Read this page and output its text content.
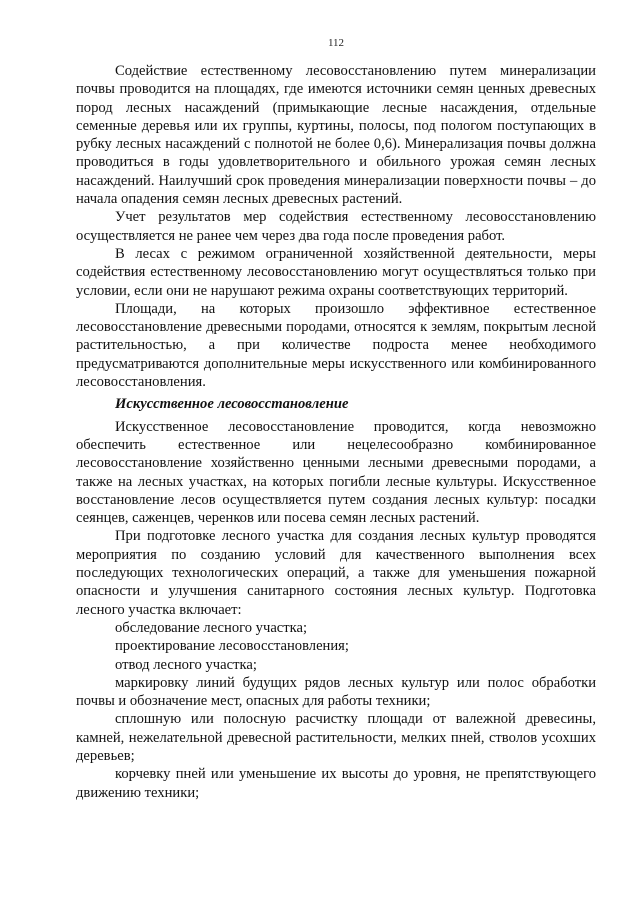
112

Содействие естественному лесовосстановлению путем минерализации почвы проводится на площадях, где имеются источники семян ценных древесных пород лесных насаждений (примыкающие лесные насаждения, отдельные семенные деревья или их группы, куртины, полосы, под пологом поступающих в рубку лесных насаждений с полнотой не более 0,6). Минерализация почвы должна проводиться в годы удовлетворительного и обильного урожая семян лесных насаждений. Наилучший срок проведения минерализации поверхности почвы – до начала опадения семян лесных древесных растений.

Учет результатов мер содействия естественному лесовосстановлению осуществляется не ранее чем через два года после проведения работ.

В лесах с режимом ограниченной хозяйственной деятельности, меры содействия естественному лесовосстановлению могут осуществляться только при условии, если они не нарушают режима охраны соответствующих территорий.

Площади, на которых произошло эффективное естественное лесовосстановление древесными породами, относятся к землям, покрытым лесной растительностью, а при количестве подроста менее необходимого предусматриваются дополнительные меры искусственного или комбинированного лесовосстановления.

Искусственное лесовосстановление

Искусственное лесовосстановление проводится, когда невозможно обеспечить естественное или нецелесообразно комбинированное лесовосстановление хозяйственно ценными лесными древесными породами, а также на лесных участках, на которых погибли лесные культуры. Искусственное восстановление лесов осуществляется путем создания лесных культур: посадки сеянцев, саженцев, черенков или посева семян лесных растений.

При подготовке лесного участка для создания лесных культур проводятся мероприятия по созданию условий для качественного выполнения всех последующих технологических операций, а также для уменьшения пожарной опасности и улучшения санитарного состояния лесных культур. Подготовка лесного участка включает:

обследование лесного участка;

проектирование лесовосстановления;

отвод лесного участка;

маркировку линий будущих рядов лесных культур или полос обработки почвы и обозначение мест, опасных для работы техники;

сплошную или полосную расчистку площади от валежной древесины, камней, нежелательной древесной растительности, мелких пней, стволов усохших деревьев;

корчевку пней или уменьшение их высоты до уровня, не препятствующего движению техники;
